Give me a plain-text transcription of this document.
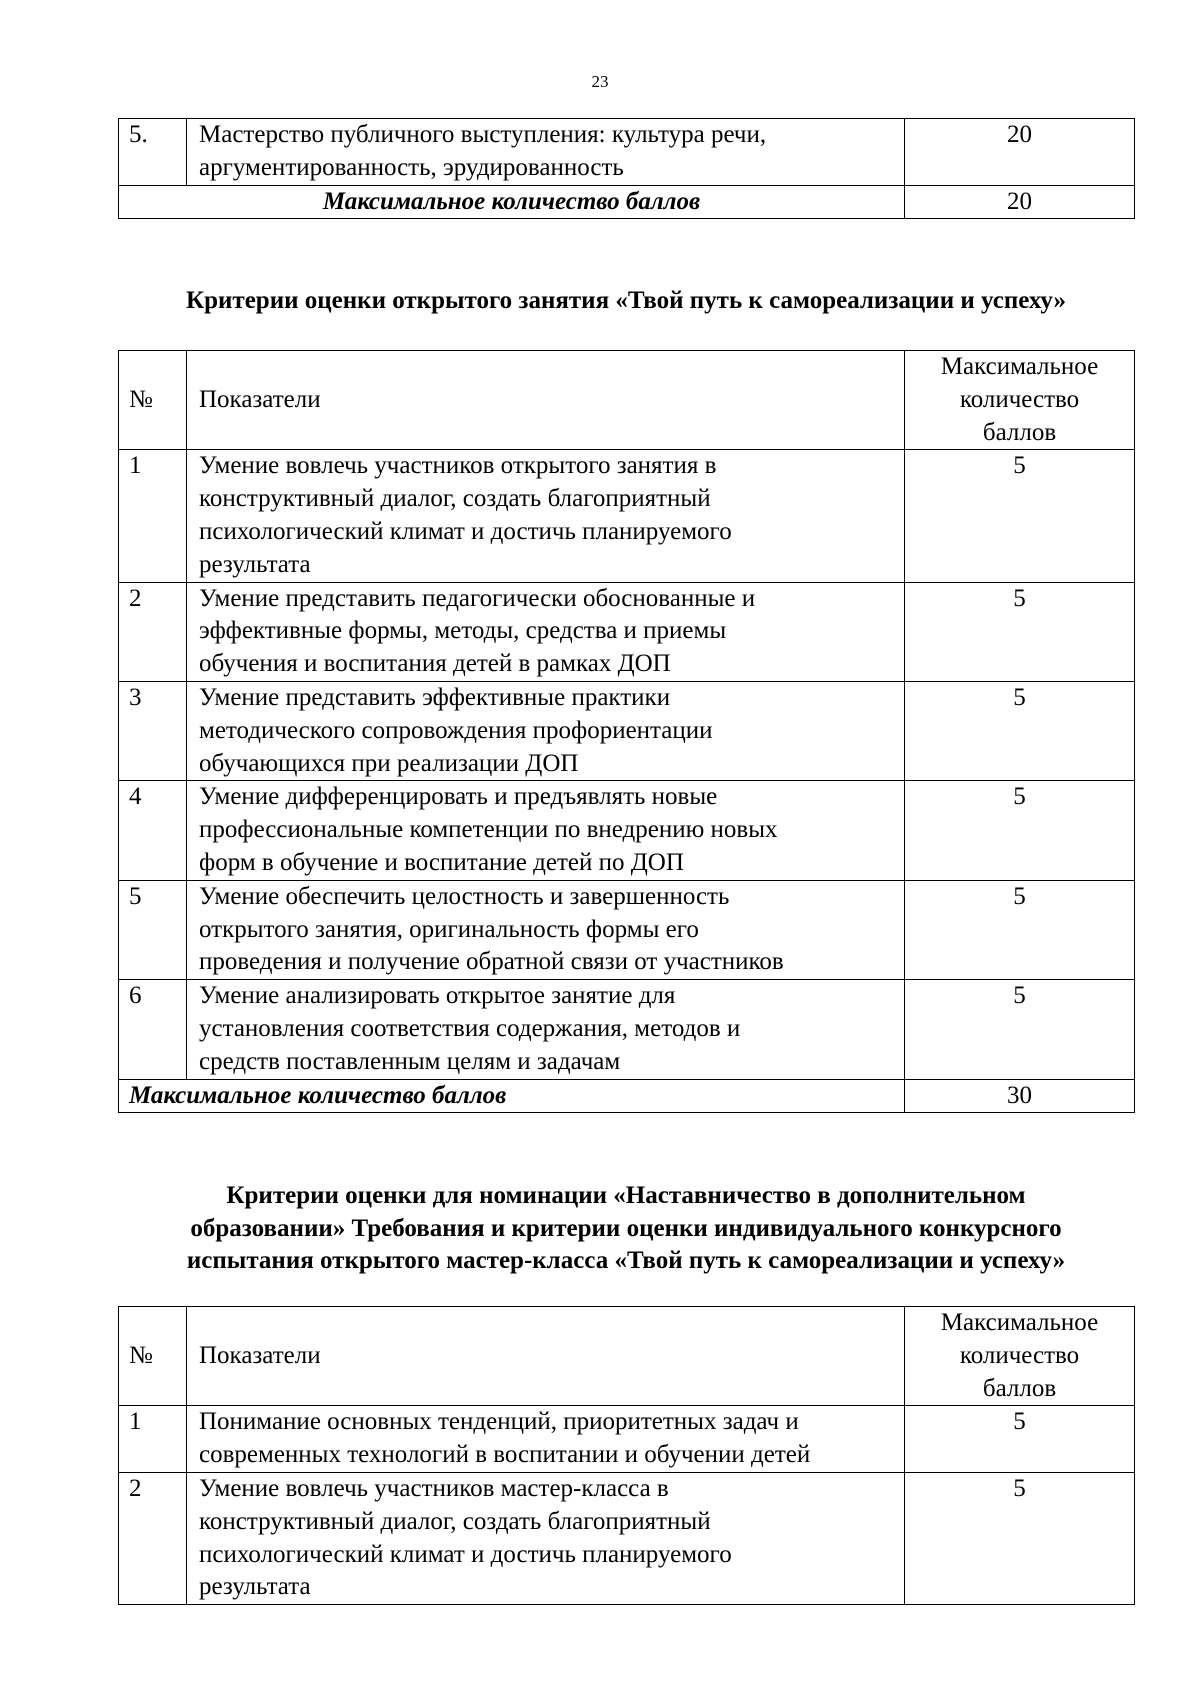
23
5.	Мастерство публичного выступления: культура речи,
аргументированность, эрудированность	20
Максимальное количество баллов		20
Критерии оценки открытого занятия «Твой путь к самореализации и успеху»
№	Показатели	Максимальное
количество
баллов

1	Умение вовлечь участников открытого занятия в
конструктивный диалог, создать благоприятный
психологический климат и достичь планируемого
результата	5
2	Умение представить педагогически обоснованные и
эффективные формы, методы, средства и приемы
обучения и воспитания детей в рамках ДОП	5
3	Умение представить эффективные практики
методического сопровождения профориентации
обучающихся при реализации ДОП	5
4	Умение дифференцировать и предъявлять новые
профессиональные компетенции по внедрению новых
форм в обучение и воспитание детей по ДОП	5
5	Умение обеспечить целостность и завершенность
открытого занятия, оригинальность формы его
проведения и получение обратной связи от участников	5
6	Умение анализировать открытое занятие для
установления соответствия содержания, методов и
средств поставленным целям и задачам	5
Максимальное количество баллов		30
Критерии оценки для номинации «Наставничество в дополнительном
образовании» Требования и критерии оценки индивидуального конкурсного
испытания открытого мастер-класса «Твой путь к самореализации и успеху»
№	Показатели	Максимальное
количество
баллов

1	Понимание основных тенденций, приоритетных задач и
современных технологий в воспитании и обучении детей	5
2	Умение вовлечь участников мастер-класса в
конструктивный диалог, создать благоприятный
психологический климат и достичь планируемого
результата	5
